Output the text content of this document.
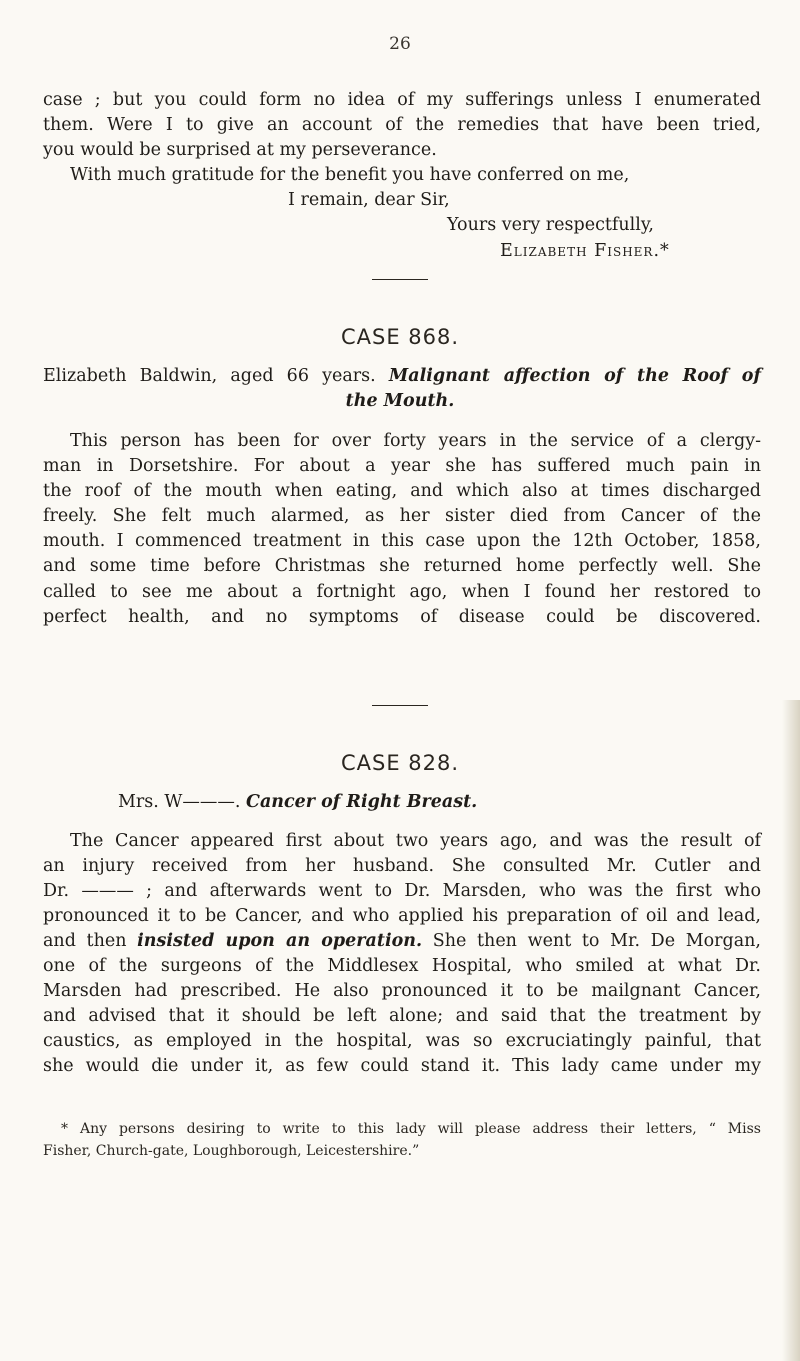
26
case ; but you could form no idea of my sufferings unless I enumerated
them. Were I to give an account of the remedies that have been tried,
you would be surprised at my perseverance.
With much gratitude for the benefit you have conferred on me,
I remain, dear Sir,
Yours very respectfully,
Elizabeth Fisher.*
CASE 868.
Elizabeth Baldwin, aged 66 years. Malignant affection of the Roof of
the Mouth.
This person has been for over forty years in the service of a clergy-
man in Dorsetshire. For about a year she has suffered much pain in
the roof of the mouth when eating, and which also at times discharged
freely. She felt much alarmed, as her sister died from Cancer of the
mouth. I commenced treatment in this case upon the 12th October, 1858,
and some time before Christmas she returned home perfectly well. She
called to see me about a fortnight ago, when I found her restored to
perfect health, and no symptoms of disease could be discovered.
CASE 828.
Mrs. W———. Cancer of Right Breast.
The Cancer appeared first about two years ago, and was the result of
an injury received from her husband. She consulted Mr. Cutler and
Dr. ——— ; and afterwards went to Dr. Marsden, who was the first who
pronounced it to be Cancer, and who applied his preparation of oil and lead,
and then insisted upon an operation. She then went to Mr. De Morgan,
one of the surgeons of the Middlesex Hospital, who smiled at what Dr.
Marsden had prescribed. He also pronounced it to be mailgnant Cancer,
and advised that it should be left alone; and said that the treatment by
caustics, as employed in the hospital, was so excruciatingly painful, that
she would die under it, as few could stand it. This lady came under my
* Any persons desiring to write to this lady will please address their letters, “ Miss
Fisher, Church-gate, Loughborough, Leicestershire.”
